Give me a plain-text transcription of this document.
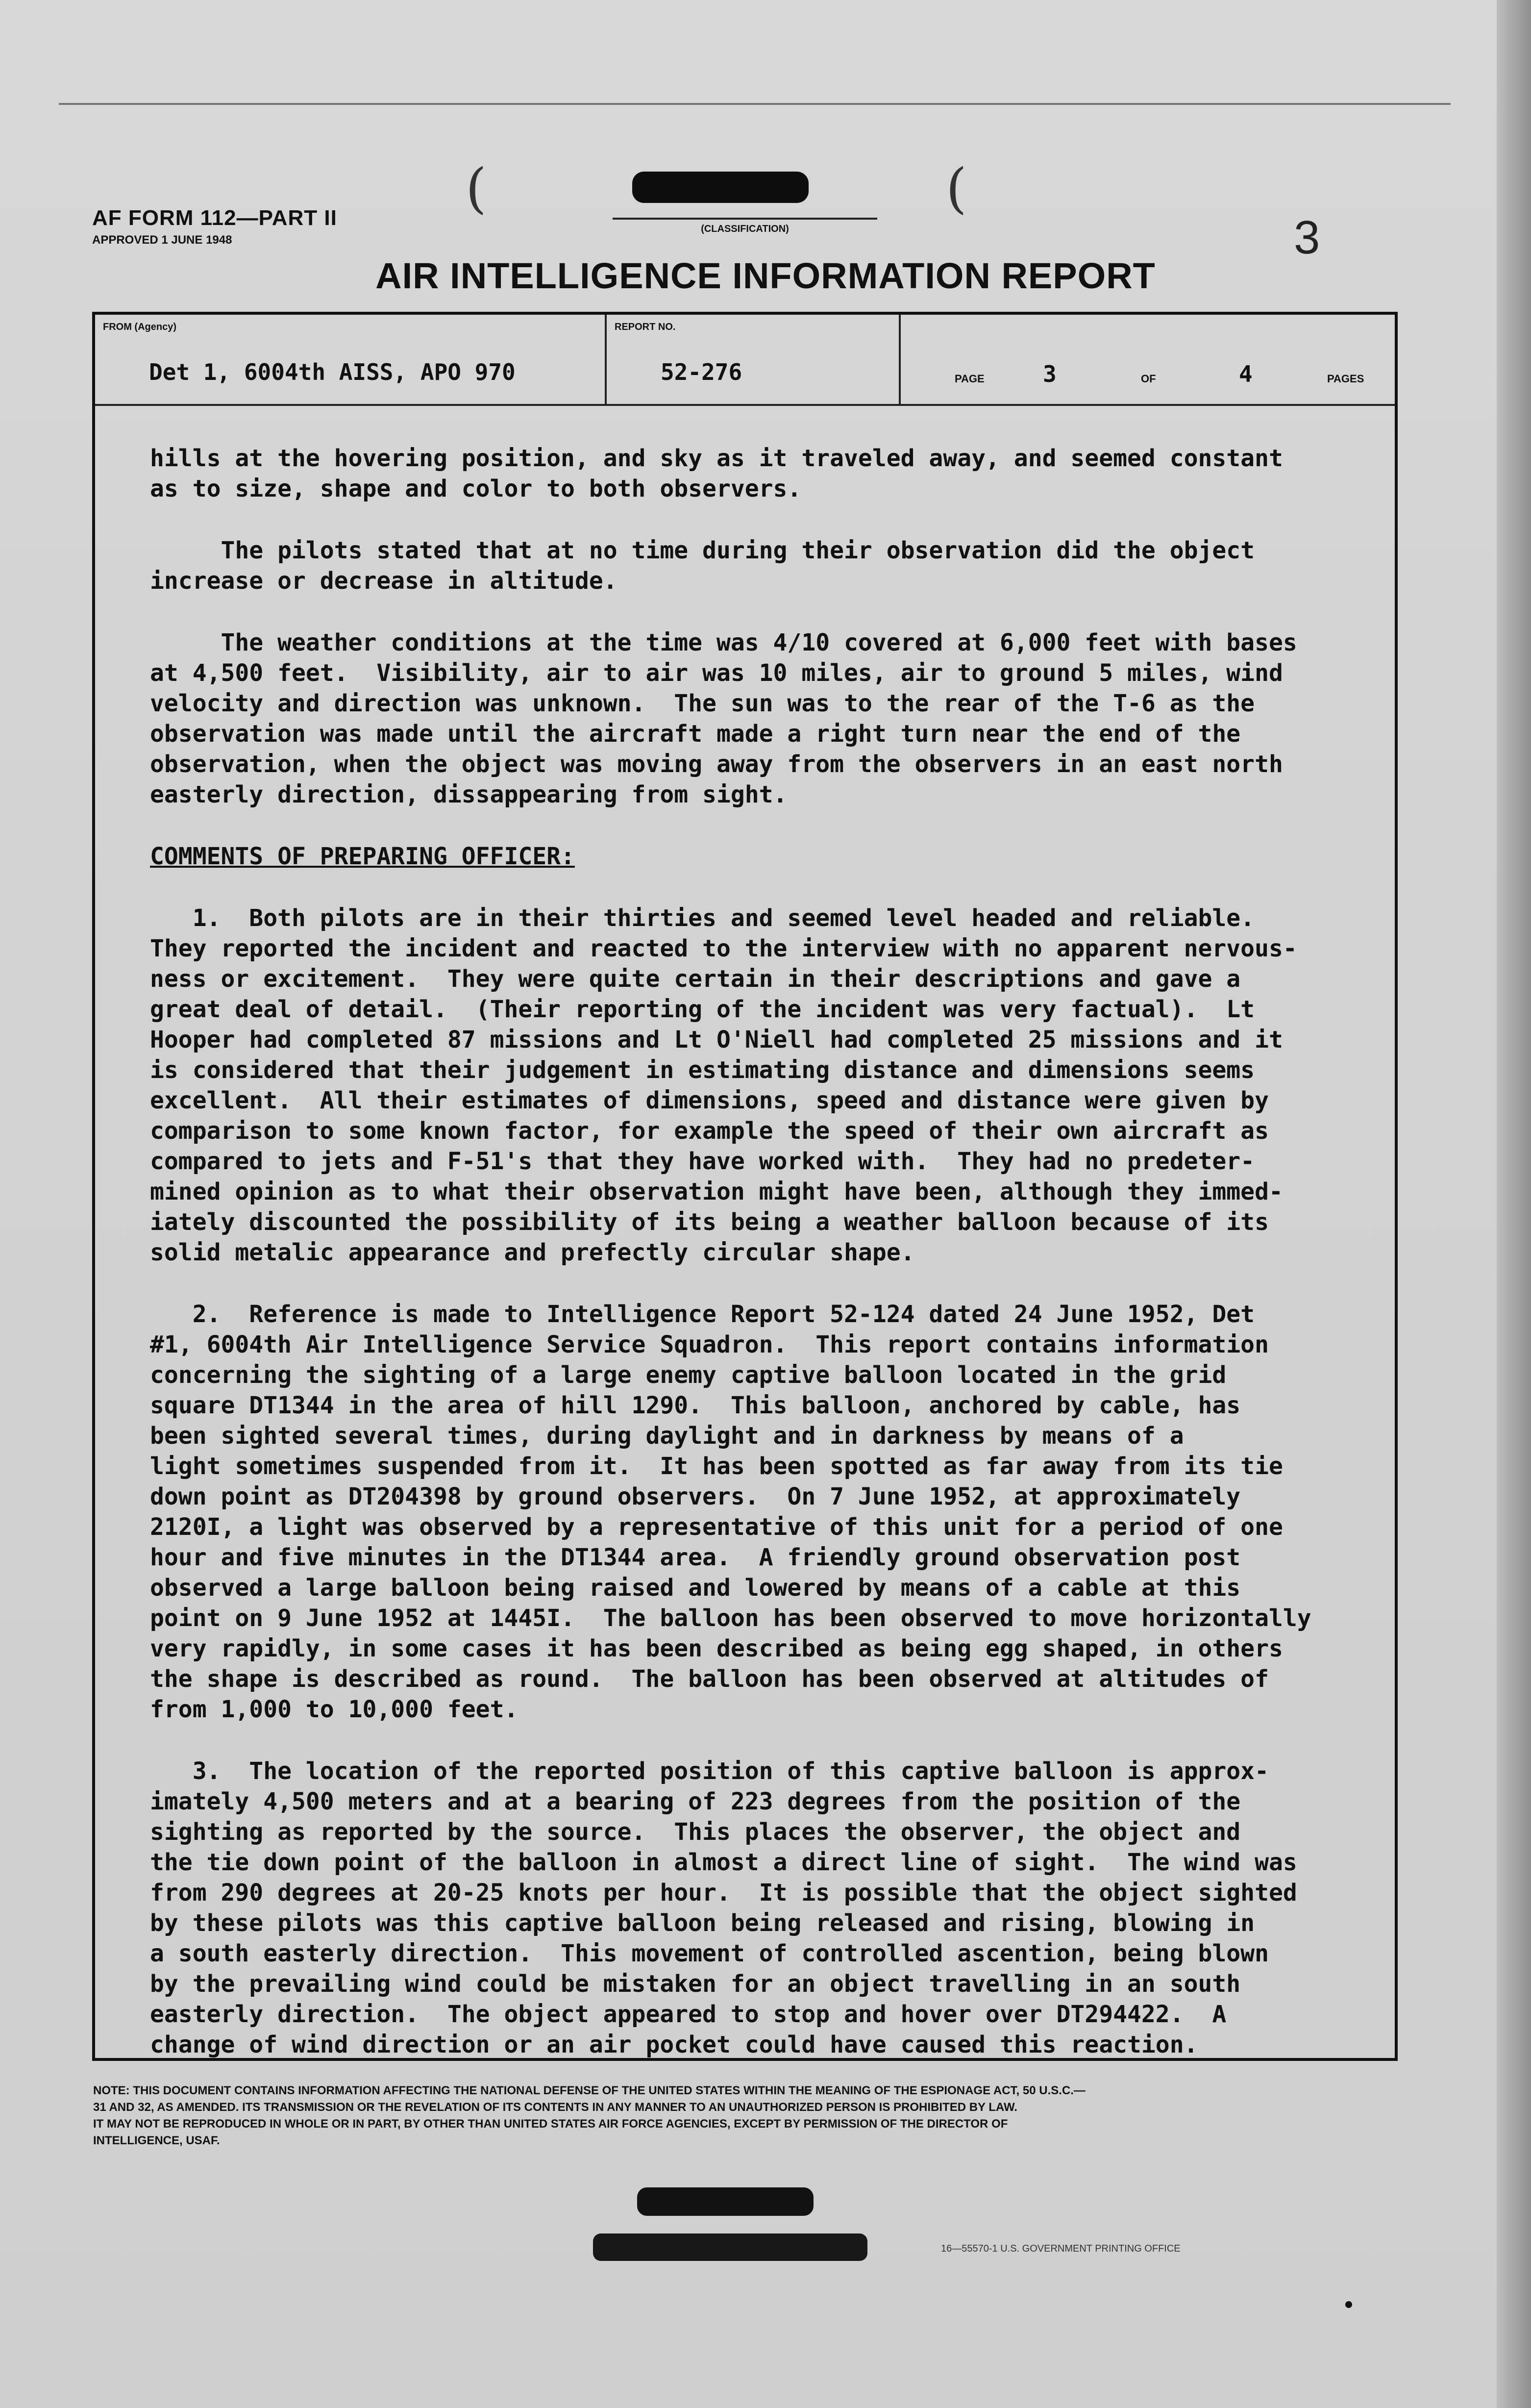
AF FORM 112—PART II
APPROVED 1 JUNE 1948
(	(
(CLASSIFICATION)	3
AIR INTELLIGENCE INFORMATION REPORT
FROM (Agency)
Det 1, 6004th AISS, APO 970
REPORT NO.
52-276	PAGE	3	OF	4	PAGES

hills at the hovering position, and sky as it traveled away, and seemed constant
as to size, shape and color to both observers.

The pilots stated that at no time during their observation did the object
increase or decrease in altitude.

The weather conditions at the time was 4/10 covered at 6,000 feet with bases
at 4,500 feet.  Visibility, air to air was 10 miles, air to ground 5 miles, wind
velocity and direction was unknown.  The sun was to the rear of the T-6 as the
observation was made until the aircraft made a right turn near the end of the
observation, when the object was moving away from the observers in an east north
easterly direction, dissappearing from sight.

COMMENTS OF PREPARING OFFICER:

1.  Both pilots are in their thirties and seemed level headed and reliable.
They reported the incident and reacted to the interview with no apparent nervous-
ness or excitement.  They were quite certain in their descriptions and gave a
great deal of detail.  (Their reporting of the incident was very factual).  Lt
Hooper had completed 87 missions and Lt O'Niell had completed 25 missions and it
is considered that their judgement in estimating distance and dimensions seems
excellent.  All their estimates of dimensions, speed and distance were given by
comparison to some known factor, for example the speed of their own aircraft as
compared to jets and F-51's that they have worked with.  They had no predeter-
mined opinion as to what their observation might have been, although they immed-
iately discounted the possibility of its being a weather balloon because of its
solid metalic appearance and prefectly circular shape.

2.  Reference is made to Intelligence Report 52-124 dated 24 June 1952, Det
#1, 6004th Air Intelligence Service Squadron.  This report contains information
concerning the sighting of a large enemy captive balloon located in the grid
square DT1344 in the area of hill 1290.  This balloon, anchored by cable, has
been sighted several times, during daylight and in darkness by means of a
light sometimes suspended from it.  It has been spotted as far away from its tie
down point as DT204398 by ground observers.  On 7 June 1952, at approximately
2120I, a light was observed by a representative of this unit for a period of one
hour and five minutes in the DT1344 area.  A friendly ground observation post
observed a large balloon being raised and lowered by means of a cable at this
point on 9 June 1952 at 1445I.  The balloon has been observed to move horizontally
very rapidly, in some cases it has been described as being egg shaped, in others
the shape is described as round.  The balloon has been observed at altitudes of
from 1,000 to 10,000 feet.

3.  The location of the reported position of this captive balloon is approx-
imately 4,500 meters and at a bearing of 223 degrees from the position of the
sighting as reported by the source.  This places the observer, the object and
the tie down point of the balloon in almost a direct line of sight.  The wind was
from 290 degrees at 20-25 knots per hour.  It is possible that the object sighted
by these pilots was this captive balloon being released and rising, blowing in
a south easterly direction.  This movement of controlled ascention, being blown
by the prevailing wind could be mistaken for an object travelling in an south
easterly direction.  The object appeared to stop and hover over DT294422.  A
change of wind direction or an air pocket could have caused this reaction.

NOTE: THIS DOCUMENT CONTAINS INFORMATION AFFECTING THE NATIONAL DEFENSE OF THE UNITED STATES WITHIN THE MEANING OF THE ESPIONAGE ACT, 50 U.S.C.—
31 AND 32, AS AMENDED. ITS TRANSMISSION OR THE REVELATION OF ITS CONTENTS IN ANY MANNER TO AN UNAUTHORIZED PERSON IS PROHIBITED BY LAW.
IT MAY NOT BE REPRODUCED IN WHOLE OR IN PART, BY OTHER THAN UNITED STATES AIR FORCE AGENCIES, EXCEPT BY PERMISSION OF THE DIRECTOR OF
INTELLIGENCE, USAF.
16—55570-1 U.S. GOVERNMENT PRINTING OFFICE
